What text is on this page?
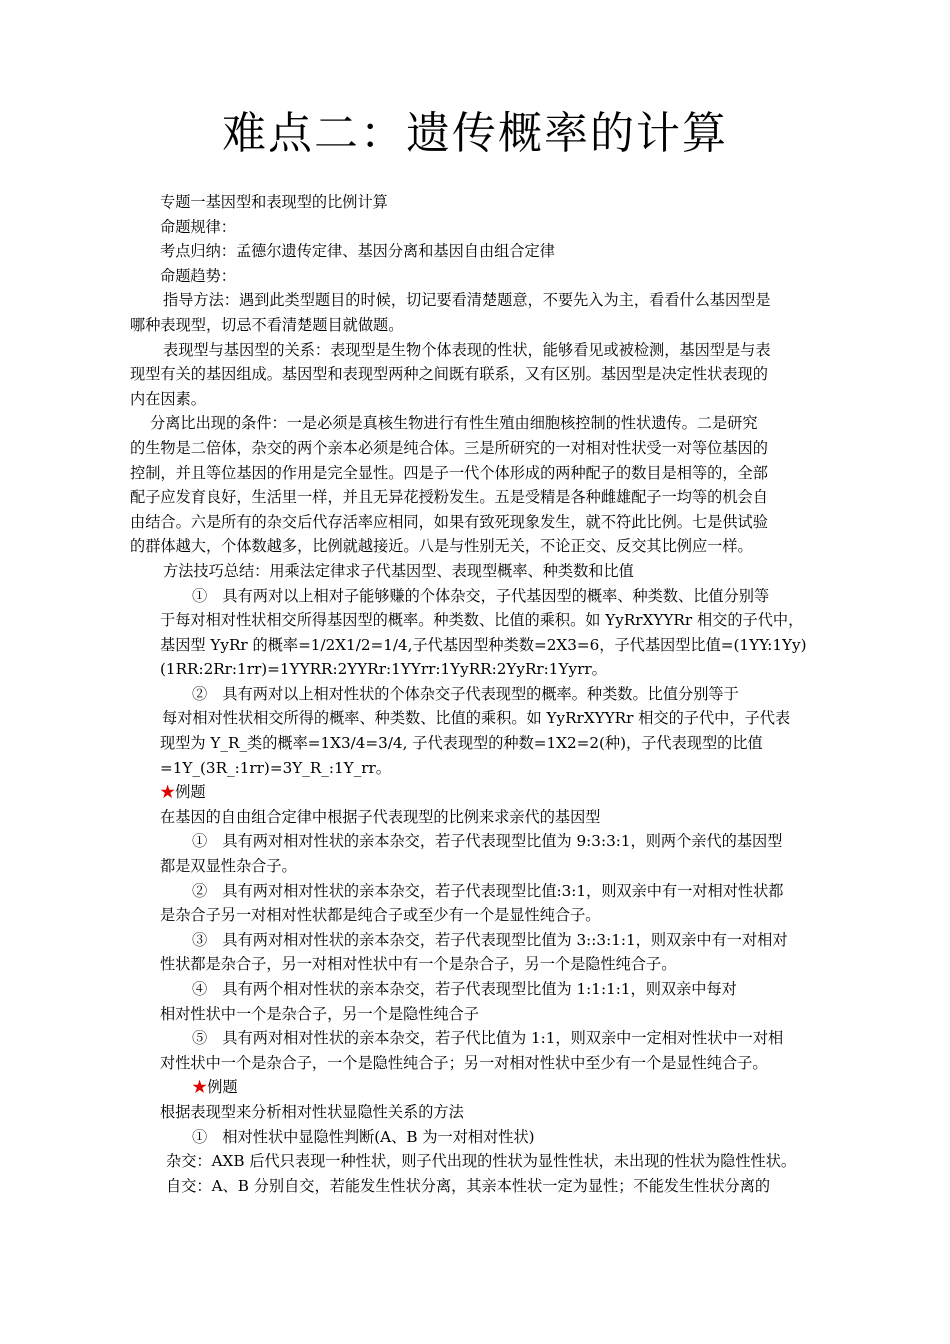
难点二：遗传概率的计算
专题一基因型和表现型的比例计算
命题规律：
考点归纳：孟德尔遗传定律、基因分离和基因自由组合定律
命题趋势：
指导方法：遇到此类型题目的时候，切记要看清楚题意，不要先入为主，看看什么基因型是
哪种表现型，切忌不看清楚题目就做题。
表现型与基因型的关系：表现型是生物个体表现的性状，能够看见或被检测，基因型是与表
现型有关的基因组成。基因型和表现型两种之间既有联系，又有区别。基因型是决定性状表现的
内在因素。
分离比出现的条件：一是必须是真核生物进行有性生殖由细胞核控制的性状遗传。二是研究
的生物是二倍体，杂交的两个亲本必须是纯合体。三是所研究的一对相对性状受一对等位基因的
控制，并且等位基因的作用是完全显性。四是子一代个体形成的两种配子的数目是相等的，全部
配子应发育良好，生活里一样，并且无异花授粉发生。五是受精是各种雌雄配子一均等的机会自
由结合。六是所有的杂交后代存活率应相同，如果有致死现象发生，就不符此比例。七是供试验
的群体越大，个体数越多，比例就越接近。八是与性别无关，不论正交、反交其比例应一样。
方法技巧总结：用乘法定律求子代基因型、表现型概率、种类数和比值
①　具有两对以上相对子能够赚的个体杂交，子代基因型的概率、种类数、比值分别等
于每对相对性状相交所得基因型的概率。种类数、比值的乘积。如 YyRrXYYRr 相交的子代中，
基因型 YyRr 的概率=1/2X1/2=1/4,子代基因型种类数=2X3=6，子代基因型比值=(1YY:1Yy)
(1RR:2Rr:1rr)=1YYRR:2YYRr:1YYrr:1YyRR:2YyRr:1Yyrr。
②　具有两对以上相对性状的个体杂交子代表现型的概率。种类数。比值分别等于
每对相对性状相交所得的概率、种类数、比值的乘积。如 YyRrXYYRr 相交的子代中，子代表
现型为 Y_R_类的概率=1X3/4=3/4, 子代表现型的种数=1X2=2(种)，子代表现型的比值
=1Y_(3R_:1rr)=3Y_R_:1Y_rr。
★例题
在基因的自由组合定律中根据子代表现型的比例来求亲代的基因型
①　具有两对相对性状的亲本杂交，若子代表现型比值为 9:3:3:1，则两个亲代的基因型
都是双显性杂合子。
②　具有两对相对性状的亲本杂交，若子代表现型比值:3:1，则双亲中有一对相对性状都
是杂合子另一对相对性状都是纯合子或至少有一个是显性纯合子。
③　具有两对相对性状的亲本杂交，若子代表现型比值为 3::3:1:1，则双亲中有一对相对
性状都是杂合子，另一对相对性状中有一个是杂合子，另一个是隐性纯合子。
④　具有两个相对性状的亲本杂交，若子代表现型比值为 1:1:1:1，则双亲中每对
相对性状中一个是杂合子，另一个是隐性纯合子
⑤　具有两对相对性状的亲本杂交，若子代比值为 1:1，则双亲中一定相对性状中一对相
对性状中一个是杂合子，一个是隐性纯合子；另一对相对性状中至少有一个是显性纯合子。
★例题
根据表现型来分析相对性状显隐性关系的方法
①　相对性状中显隐性判断(A、B 为一对相对性状)
杂交：AXB 后代只表现一种性状，则子代出现的性状为显性性状，未出现的性状为隐性性状。
自交：A、B 分别自交，若能发生性状分离，其亲本性状一定为显性；不能发生性状分离的
